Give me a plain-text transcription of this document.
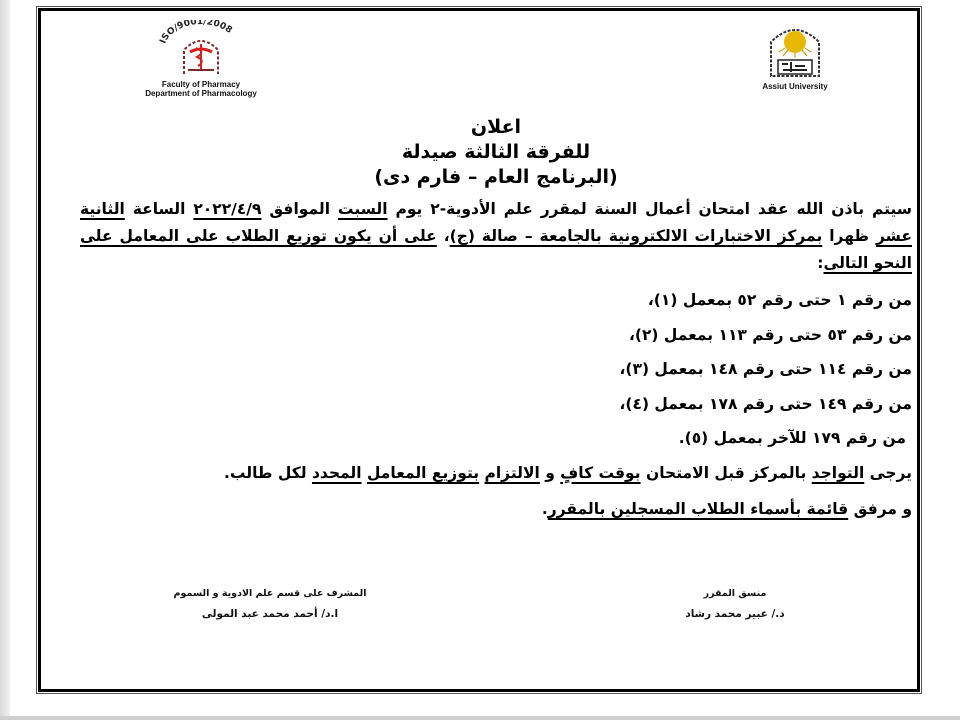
ISO/9001/2008
Faculty of Pharmacy
Department of Pharmacology
Assiut University
اعلان
للفرقة الثالثة صيدلة
(البرنامج العام – فارم دى)
سيتم باذن الله عقد امتحان أعمال السنة لمقرر علم الأدوية-٢ يوم السبت الموافق ٢٠٢٢/٤/٩ الساعة الثانية عشر ظهرا بمركز الاختبارات الالكترونية بالجامعة – صالة (ج)، على أن يكون توزيع الطلاب على المعامل على النحو التالى:
من رقم ١ حتى رقم ٥٢ بمعمل (١)،
من رقم ٥٣ حتى رقم ١١٣ بمعمل (٢)،
من رقم ١١٤ حتى رقم ١٤٨ بمعمل (٣)،
من رقم ١٤٩ حتى رقم ١٧٨ بمعمل (٤)،
من رقم ١٧٩ للآخر بمعمل (٥).
يرجى التواجد بالمركز قبل الامتحان بوقت كافٍ و الالتزام بتوزيع المعامل المحدد لكل طالب.
و مرفق قائمة بأسماء الطلاب المسجلين بالمقرر.
منسق المقرر
د./ عبير محمد رشاد
المشرف على قسم علم الادوية و السموم
ا.د/ أحمد محمد عبد المولى
